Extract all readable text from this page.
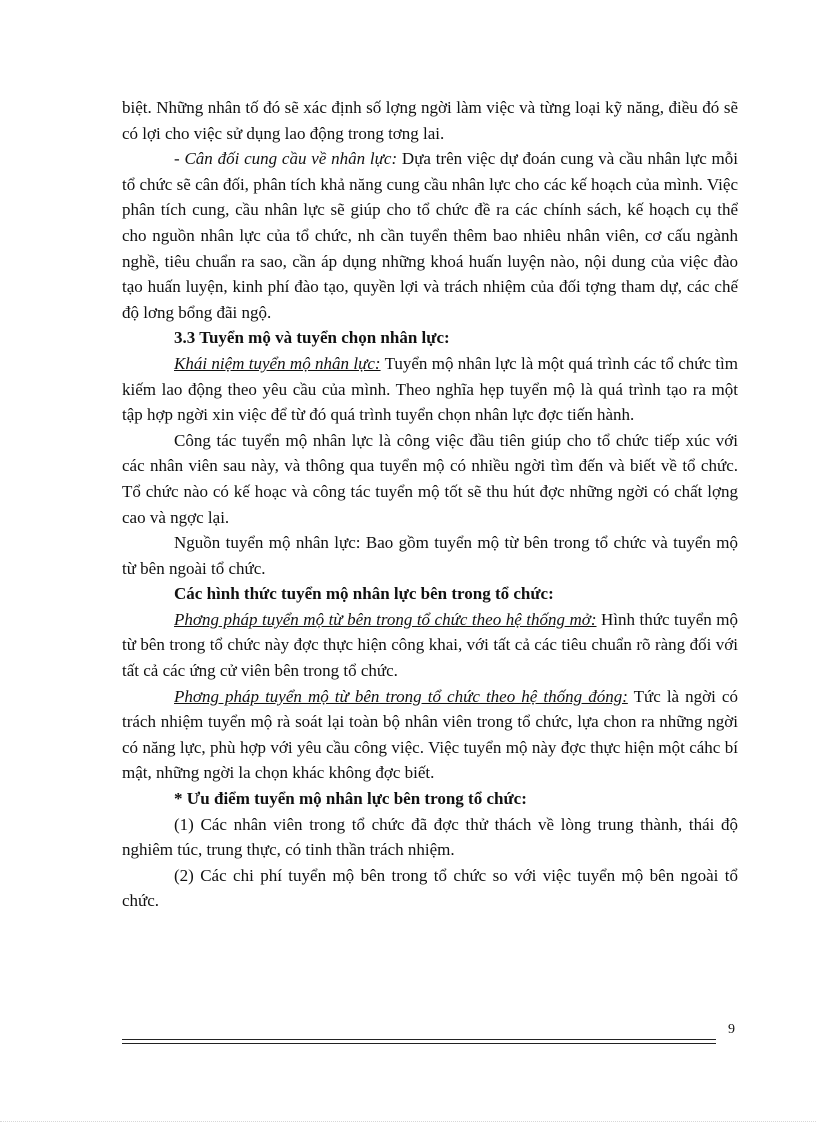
biệt. Những nhân tố đó sẽ xác định số lợng ngời làm việc và từng loại kỹ năng, điều đó sẽ có lợi cho việc sử dụng lao động trong tơng lai.

- Cân đối cung cầu về nhân lực: Dựa trên việc dự đoán cung và cầu nhân lực mỗi tổ chức sẽ cân đối, phân tích khả năng cung cầu nhân lực cho các kế hoạch của mình. Việc phân tích cung, cầu nhân lực sẽ giúp cho tổ chức đề ra các chính sách, kế hoạch cụ thể cho nguồn nhân lực của tổ chức, nh cần tuyển thêm bao nhiêu nhân viên, cơ cấu ngành nghề, tiêu chuẩn ra sao, cần áp dụng những khoá huấn luyện nào, nội dung của việc đào tạo huấn luyện, kinh phí đào tạo, quyền lợi và trách nhiệm của đối tợng tham dự, các chế độ lơng bổng đãi ngộ.

3.3 Tuyển mộ và tuyển chọn nhân lực:

Khái niệm tuyển mộ nhân lực: Tuyển mộ nhân lực là một quá trình các tổ chức tìm kiếm lao động theo yêu cầu của mình. Theo nghĩa hẹp tuyển mộ là quá trình tạo ra một tập hợp ngời xin việc để từ đó quá trình tuyển chọn nhân lực đợc tiến hành.

Công tác tuyển mộ nhân lực là công việc đầu tiên giúp cho tổ chức tiếp xúc với các nhân viên sau này, và thông qua tuyển mộ có nhiều ngời tìm đến và biết về tổ chức. Tổ chức nào có kế hoạc và công tác tuyển mộ tốt sẽ thu hút đợc những ngời có chất lợng cao và ngợc lại.

Nguồn tuyển mộ nhân lực: Bao gồm tuyển mộ từ bên trong tổ chức và tuyển mộ từ bên ngoài tổ chức.

Các hình thức tuyển mộ nhân lực bên trong tổ chức:

Phơng pháp tuyển mộ từ bên trong tổ chức theo hệ thống mở: Hình thức tuyển mộ từ bên trong tổ chức này đợc thực hiện công khai, với tất cả các tiêu chuẩn rõ ràng đối với tất cả các ứng cử viên bên trong tổ chức.

Phơng pháp tuyển mộ từ bên trong tổ chức theo hệ thống đóng: Tức là ngời có trách nhiệm tuyển mộ rà soát lại toàn bộ nhân viên trong tổ chức, lựa chon ra những ngời có năng lực, phù hợp với yêu cầu công việc. Việc tuyển mộ này đợc thực hiện một cáhc bí mật, những ngời la chọn khác không đợc biết.

* Ưu điểm tuyển mộ nhân lực bên trong tổ chức:

(1) Các nhân viên trong tổ chức đã đợc thử thách về lòng trung thành, thái độ nghiêm túc, trung thực, có tinh thần trách nhiệm.

(2) Các chi phí tuyển mộ bên trong tổ chức so với việc tuyển mộ bên ngoài tổ chức.

9
